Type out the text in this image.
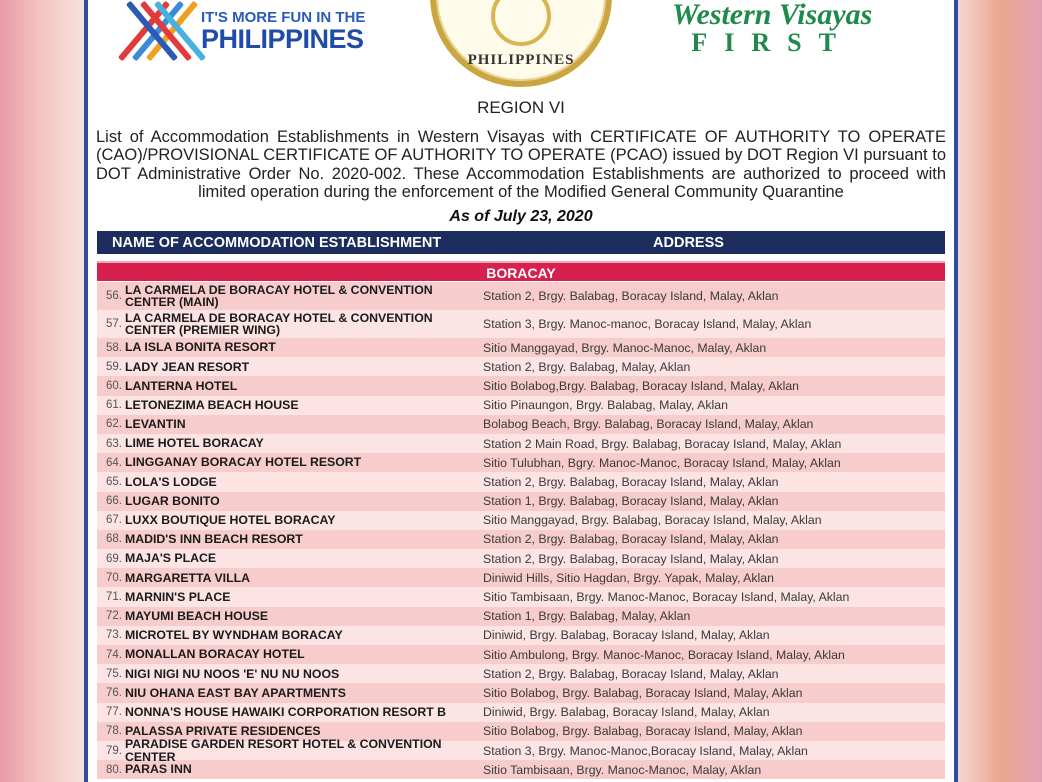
IT'S MORE FUN IN THE
PHILIPPINES
PHILIPPINES
Western Visayas
FIRST
REGION VI
List of Accommodation Establishments in Western Visayas with CERTIFICATE OF AUTHORITY TO OPERATE (CAO)/PROVISIONAL CERTIFICATE OF AUTHORITY TO OPERATE (PCAO) issued by DOT Region VI pursuant to DOT Administrative Order No. 2020-002. These Accommodation Establishments are authorized to proceed with limited operation during the enforcement of the Modified General Community Quarantine
As of July 23, 2020
NAME OF ACCOMMODATION ESTABLISHMENT	ADDRESS
BORACAY
56. LA CARMELA DE BORACAY HOTEL & CONVENTION CENTER (MAIN)	Station 2, Brgy. Balabag, Boracay Island, Malay, Aklan
57. LA CARMELA DE BORACAY HOTEL & CONVENTION CENTER (PREMIER WING)	Station 3, Brgy. Manoc-manoc, Boracay Island, Malay, Aklan
58. LA ISLA BONITA RESORT	Sitio Manggayad, Brgy. Manoc-Manoc, Malay, Aklan
59. LADY JEAN RESORT	Station 2, Brgy. Balabag, Malay, Aklan
60. LANTERNA HOTEL	Sitio Bolabog,Brgy. Balabag, Boracay Island, Malay, Aklan
61. LETONEZIMA BEACH HOUSE	Sitio Pinaungon, Brgy. Balabag, Malay, Aklan
62. LEVANTIN	Bolabog Beach, Brgy. Balabag, Boracay Island, Malay, Aklan
63. LIME HOTEL BORACAY	Station 2 Main Road, Brgy. Balabag, Boracay Island, Malay, Aklan
64. LINGGANAY BORACAY HOTEL RESORT	Sitio Tulubhan, Bgry. Manoc-Manoc, Boracay Island, Malay, Aklan
65. LOLA'S LODGE	Station 2, Brgy. Balabag, Boracay Island, Malay, Aklan
66. LUGAR BONITO	Station 1, Brgy. Balabag, Boracay Island, Malay, Aklan
67. LUXX BOUTIQUE HOTEL BORACAY	Sitio Manggayad, Brgy. Balabag, Boracay Island, Malay, Aklan
68. MADID'S INN BEACH RESORT	Station 2, Brgy. Balabag, Boracay Island, Malay, Aklan
69. MAJA'S PLACE	Station 2, Brgy. Balabag, Boracay Island, Malay, Aklan
70. MARGARETTA VILLA	Diniwid Hills, Sitio Hagdan, Brgy. Yapak, Malay, Aklan
71. MARNIN'S PLACE	Sitio Tambisaan, Brgy. Manoc-Manoc, Boracay Island, Malay, Aklan
72. MAYUMI BEACH HOUSE	Station 1, Brgy. Balabag, Malay, Aklan
73. MICROTEL BY WYNDHAM BORACAY	Diniwid, Brgy. Balabag, Boracay Island, Malay, Aklan
74. MONALLAN BORACAY HOTEL	Sitio Ambulong, Brgy. Manoc-Manoc, Boracay Island, Malay, Aklan
75. NIGI NIGI NU NOOS 'E' NU NU NOOS	Station 2, Brgy. Balabag, Boracay Island, Malay, Aklan
76. NIU OHANA EAST BAY APARTMENTS	Sitio Bolabog, Brgy. Balabag, Boracay Island, Malay, Aklan
77. NONNA'S HOUSE HAWAIKI CORPORATION RESORT B	Diniwid, Brgy. Balabag, Boracay Island, Malay, Aklan
78. PALASSA PRIVATE RESIDENCES	Sitio Bolabog, Brgy. Balabag, Boracay Island, Malay, Aklan
79. PARADISE GARDEN RESORT HOTEL & CONVENTION CENTER	Station 3, Brgy. Manoc-Manoc,Boracay Island, Malay, Aklan
80. PARAS INN	Sitio Tambisaan, Brgy. Manoc-Manoc, Malay, Aklan
